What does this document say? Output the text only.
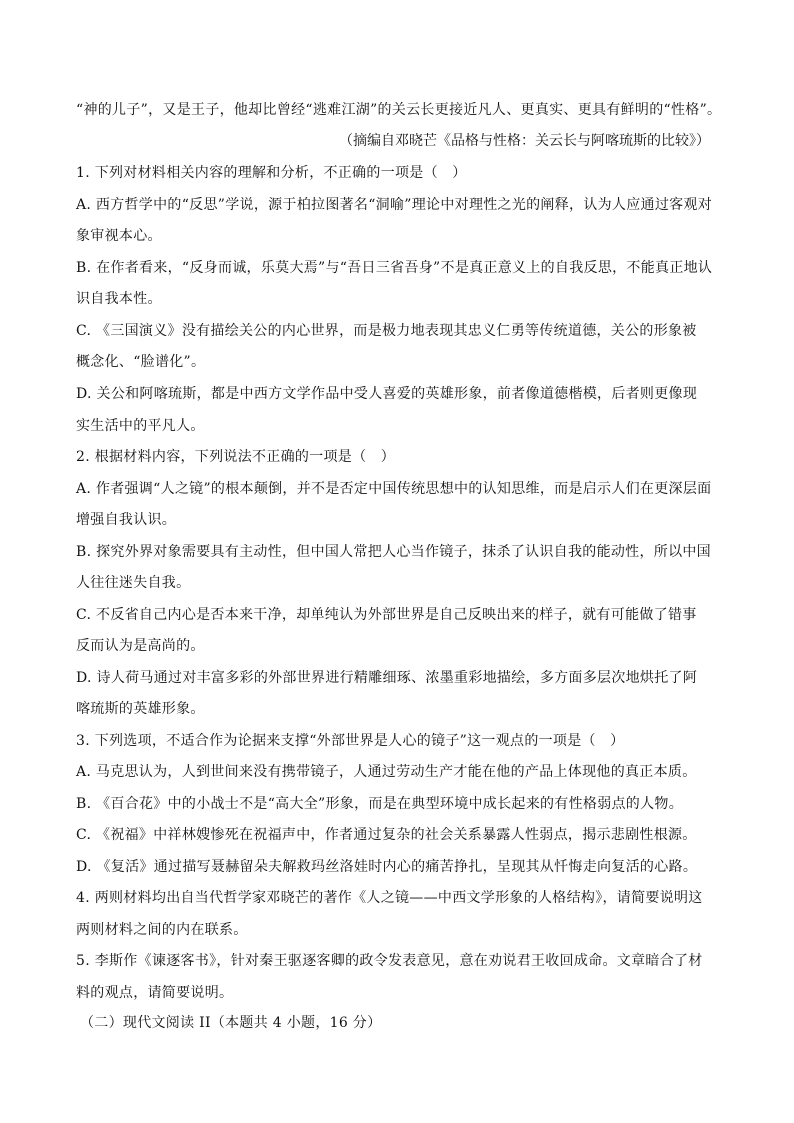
“神的儿子”，又是王子，他却比曾经“逃难江湖”的关云长更接近凡人、更真实、更具有鲜明的“性格”。
（摘编自邓晓芒《品格与性格：关云长与阿喀琉斯的比较》）
1. 下列对材料相关内容的理解和分析，不正确的一项是（　）
A. 西方哲学中的“反思”学说，源于柏拉图著名“洞喻”理论中对理性之光的阐释，认为人应通过客观对
象审视本心。
B. 在作者看来，“反身而诚，乐莫大焉”与“吾日三省吾身”不是真正意义上的自我反思，不能真正地认
识自我本性。
C. 《三国演义》没有描绘关公的内心世界，而是极力地表现其忠义仁勇等传统道德，关公的形象被
概念化、“脸谱化”。
D. 关公和阿喀琉斯，都是中西方文学作品中受人喜爱的英雄形象，前者像道德楷模，后者则更像现
实生活中的平凡人。
2. 根据材料内容，下列说法不正确的一项是（　）
A. 作者强调“人之镜”的根本颠倒，并不是否定中国传统思想中的认知思维，而是启示人们在更深层面
增强自我认识。
B. 探究外界对象需要具有主动性，但中国人常把人心当作镜子，抹杀了认识自我的能动性，所以中国
人往往迷失自我。
C. 不反省自己内心是否本来干净，却单纯认为外部世界是自己反映出来的样子，就有可能做了错事
反而认为是高尚的。
D. 诗人荷马通过对丰富多彩的外部世界进行精雕细琢、浓墨重彩地描绘，多方面多层次地烘托了阿
喀琉斯的英雄形象。
3. 下列选项，不适合作为论据来支撑“外部世界是人心的镜子”这一观点的一项是（　）
A. 马克思认为，人到世间来没有携带镜子，人通过劳动生产才能在他的产品上体现他的真正本质。
B. 《百合花》中的小战士不是“高大全”形象，而是在典型环境中成长起来的有性格弱点的人物。
C. 《祝福》中祥林嫂惨死在祝福声中，作者通过复杂的社会关系暴露人性弱点，揭示悲剧性根源。
D. 《复活》通过描写聂赫留朵夫解救玛丝洛娃时内心的痛苦挣扎，呈现其从忏悔走向复活的心路。
4. 两则材料均出自当代哲学家邓晓芒的著作《人之镜——中西文学形象的人格结构》，请简要说明这
两则材料之间的内在联系。
5. 李斯作《谏逐客书》，针对秦王驱逐客卿的政令发表意见，意在劝说君王收回成命。文章暗合了材
料的观点，请简要说明。
（二）现代文阅读 II（本题共 4 小题，16 分）
